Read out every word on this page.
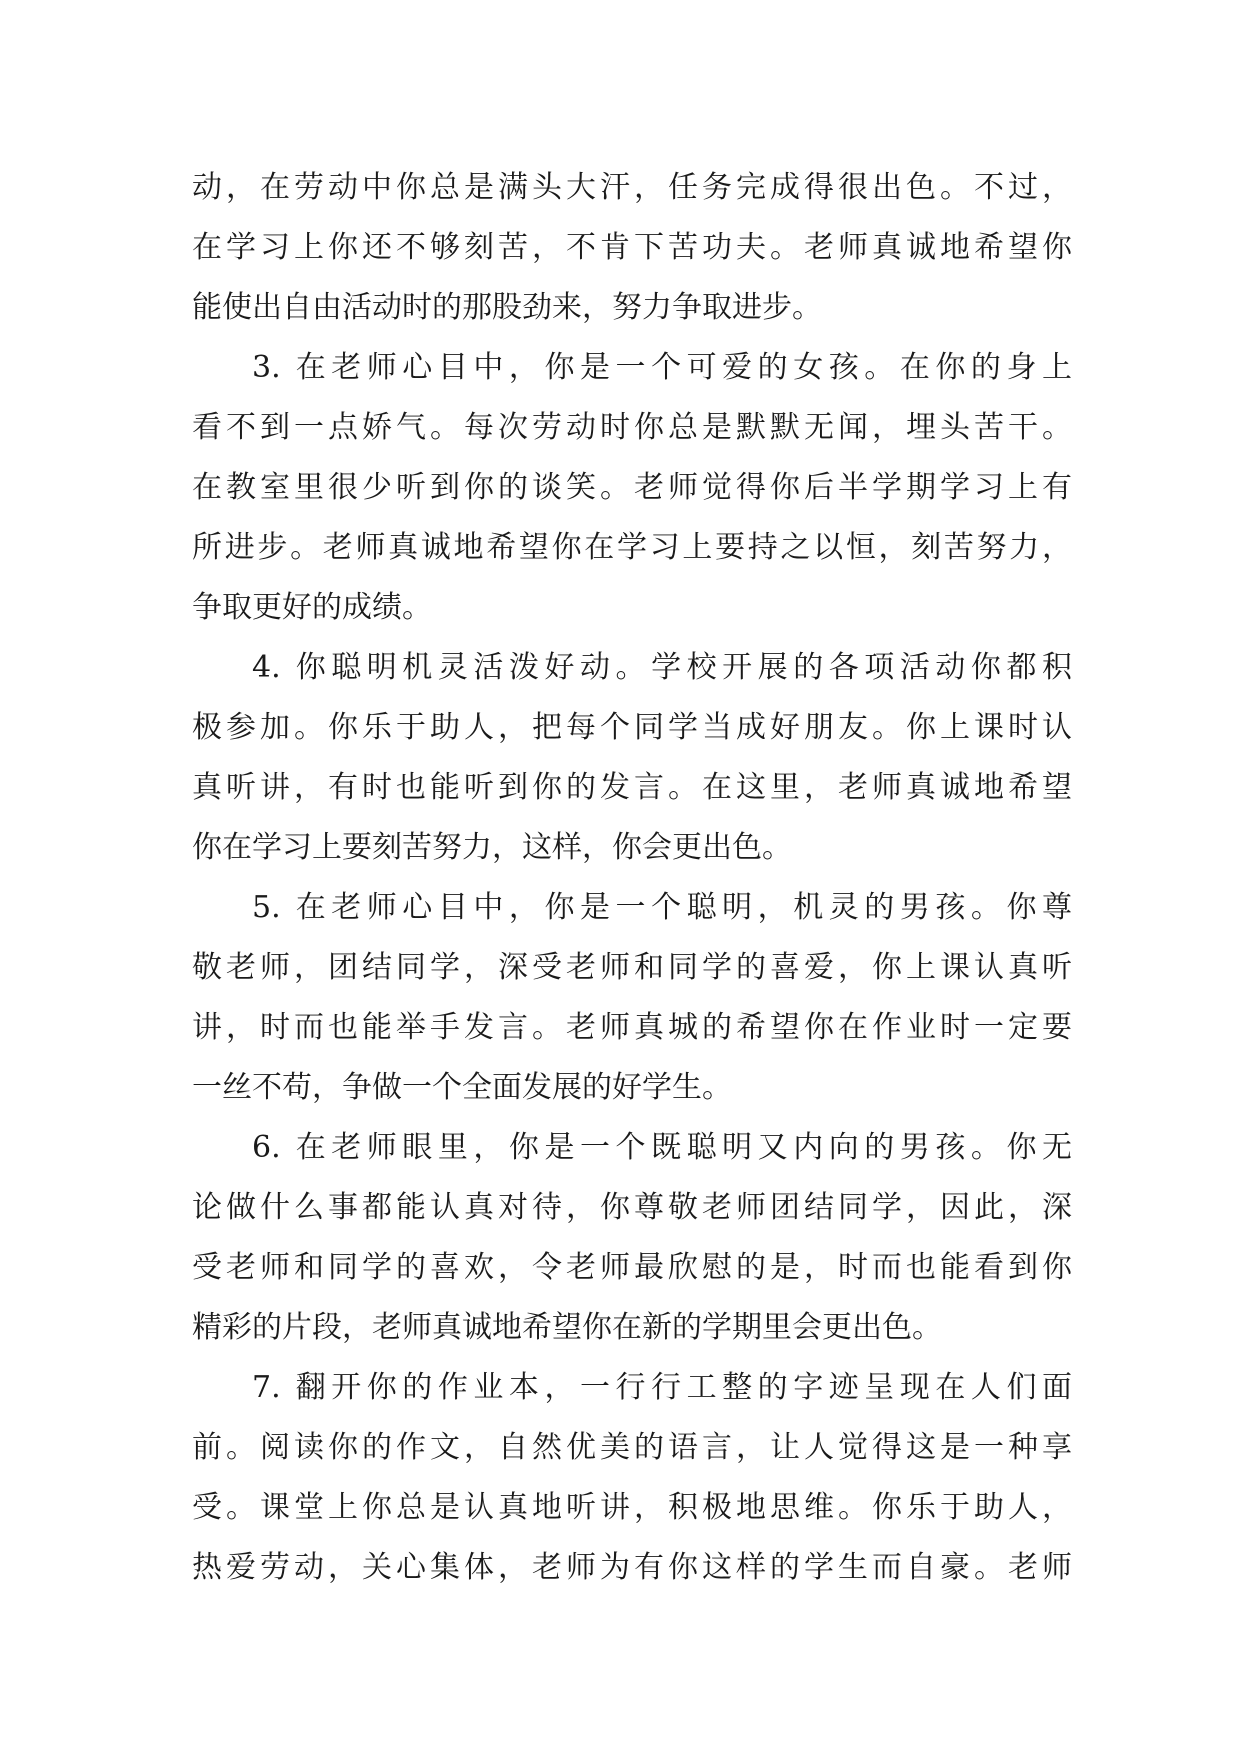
动，在劳动中你总是满头大汗，任务完成得很出色。不过，
在学习上你还不够刻苦，不肯下苦功夫。老师真诚地希望你
能使出自由活动时的那股劲来，努力争取进步。
3. 在老师心目中，你是一个可爱的女孩。在你的身上
看不到一点娇气。每次劳动时你总是默默无闻，埋头苦干。
在教室里很少听到你的谈笑。老师觉得你后半学期学习上有
所进步。老师真诚地希望你在学习上要持之以恒，刻苦努力，
争取更好的成绩。
4. 你聪明机灵活泼好动。学校开展的各项活动你都积
极参加。你乐于助人，把每个同学当成好朋友。你上课时认
真听讲，有时也能听到你的发言。在这里，老师真诚地希望
你在学习上要刻苦努力，这样，你会更出色。
5. 在老师心目中，你是一个聪明，机灵的男孩。你尊
敬老师，团结同学，深受老师和同学的喜爱，你上课认真听
讲，时而也能举手发言。老师真城的希望你在作业时一定要
一丝不苟，争做一个全面发展的好学生。
6. 在老师眼里，你是一个既聪明又内向的男孩。你无
论做什么事都能认真对待，你尊敬老师团结同学，因此，深
受老师和同学的喜欢，令老师最欣慰的是，时而也能看到你
精彩的片段，老师真诚地希望你在新的学期里会更出色。
7. 翻开你的作业本，一行行工整的字迹呈现在人们面
前。阅读你的作文，自然优美的语言，让人觉得这是一种享
受。课堂上你总是认真地听讲，积极地思维。你乐于助人，
热爱劳动，关心集体，老师为有你这样的学生而自豪。老师
